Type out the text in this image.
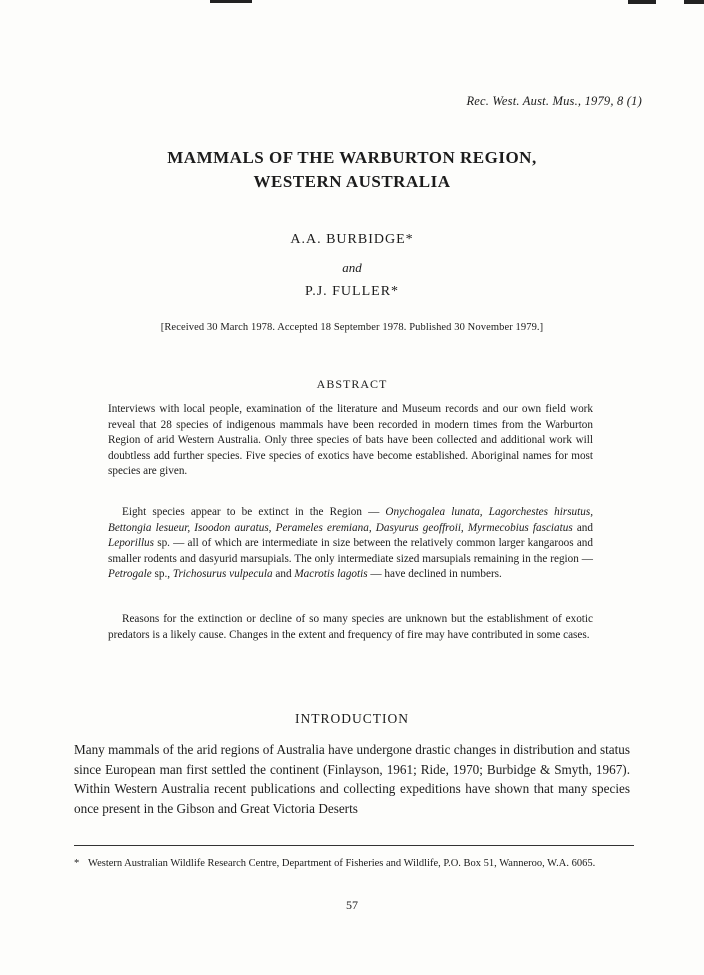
Rec. West. Aust. Mus., 1979, 8 (1)
MAMMALS OF THE WARBURTON REGION,
WESTERN AUSTRALIA
A.A. BURBIDGE*
and
P.J. FULLER*
[Received 30 March 1978. Accepted 18 September 1978. Published 30 November 1979.]
ABSTRACT

Interviews with local people, examination of the literature and Museum records and our own field work reveal that 28 species of indigenous mammals have been recorded in modern times from the Warburton Region of arid Western Australia. Only three species of bats have been collected and additional work will doubtless add further species. Five species of exotics have become established. Aboriginal names for most species are given.

Eight species appear to be extinct in the Region — Onychogalea lunata, Lagorchestes hirsutus, Bettongia lesueur, Isoodon auratus, Perameles eremiana, Dasyurus geoffroii, Myrmecobius fasciatus and Leporillus sp. — all of which are intermediate in size between the relatively common larger kangaroos and smaller rodents and dasyurid marsupials. The only intermediate sized marsupials remaining in the region — Petrogale sp., Trichosurus vulpecula and Macrotis lagotis — have declined in numbers.

Reasons for the extinction or decline of so many species are unknown but the establishment of exotic predators is a likely cause. Changes in the extent and frequency of fire may have contributed in some cases.

INTRODUCTION

Many mammals of the arid regions of Australia have undergone drastic changes in distribution and status since European man first settled the continent (Finlayson, 1961; Ride, 1970; Burbidge & Smyth, 1967). Within Western Australia recent publications and collecting expeditions have shown that many species once present in the Gibson and Great Victoria Deserts

* Western Australian Wildlife Research Centre, Department of Fisheries and Wildlife, P.O. Box 51, Wanneroo, W.A. 6065.

57
